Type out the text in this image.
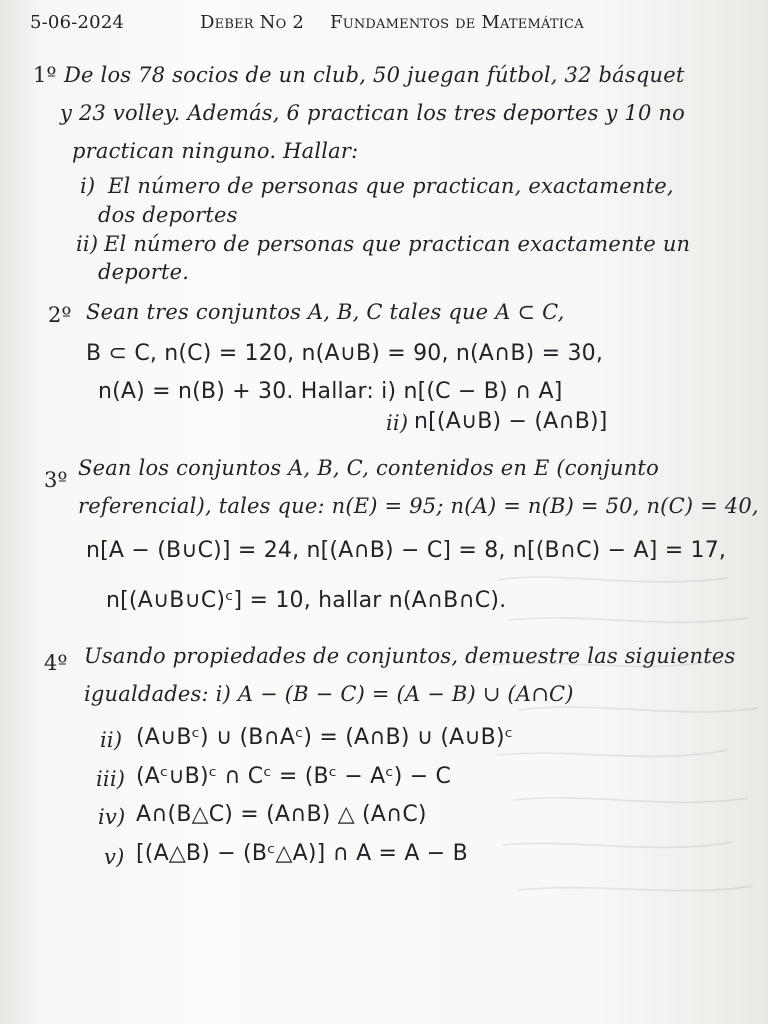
5-06-2024	Deber No 2 Fundamentos de Matemática

1º De los 78 socios de un club, 50 juegan fútbol, 32 básquet

y 23 volley. Además, 6 practican los tres deportes y 10 no

practican ninguno. Hallar:

i) El número de personas que practican, exactamente,

dos deportes

ii) El número de personas que practican exactamente un

deporte.

2º Sean tres conjuntos A, B, C tales que A ⊂ C,

B ⊂ C, n(C) = 120, n(A∪B) = 90, n(A∩B) = 30,

n(A) = n(B) + 30. Hallar: i) n[(C − B) ∩ A]

ii) n[(A∪B) − (A∩B)]

3º Sean los conjuntos A, B, C, contenidos en E (conjunto

referencial), tales que: n(E) = 95; n(A) = n(B) = 50, n(C) = 40,

n[A − (B∪C)] = 24, n[(A∩B) − C] = 8, n[(B∩C) − A] = 17,

n[(A∪B∪C)ᶜ] = 10, hallar n(A∩B∩C).

4º Usando propiedades de conjuntos, demuestre las siguientes

igualdades: i) A − (B − C) = (A − B) ∪ (A∩C)

ii) (A∪Bᶜ) ∪ (B∩Aᶜ) = (A∩B) ∪ (A∪B)ᶜ

iii) (Aᶜ∪B)ᶜ ∩ Cᶜ = (Bᶜ − Aᶜ) − C

iv) A∩(B△C) = (A∩B) △ (A∩C)

v) [(A△B) − (Bᶜ△A)] ∩ A = A − B
